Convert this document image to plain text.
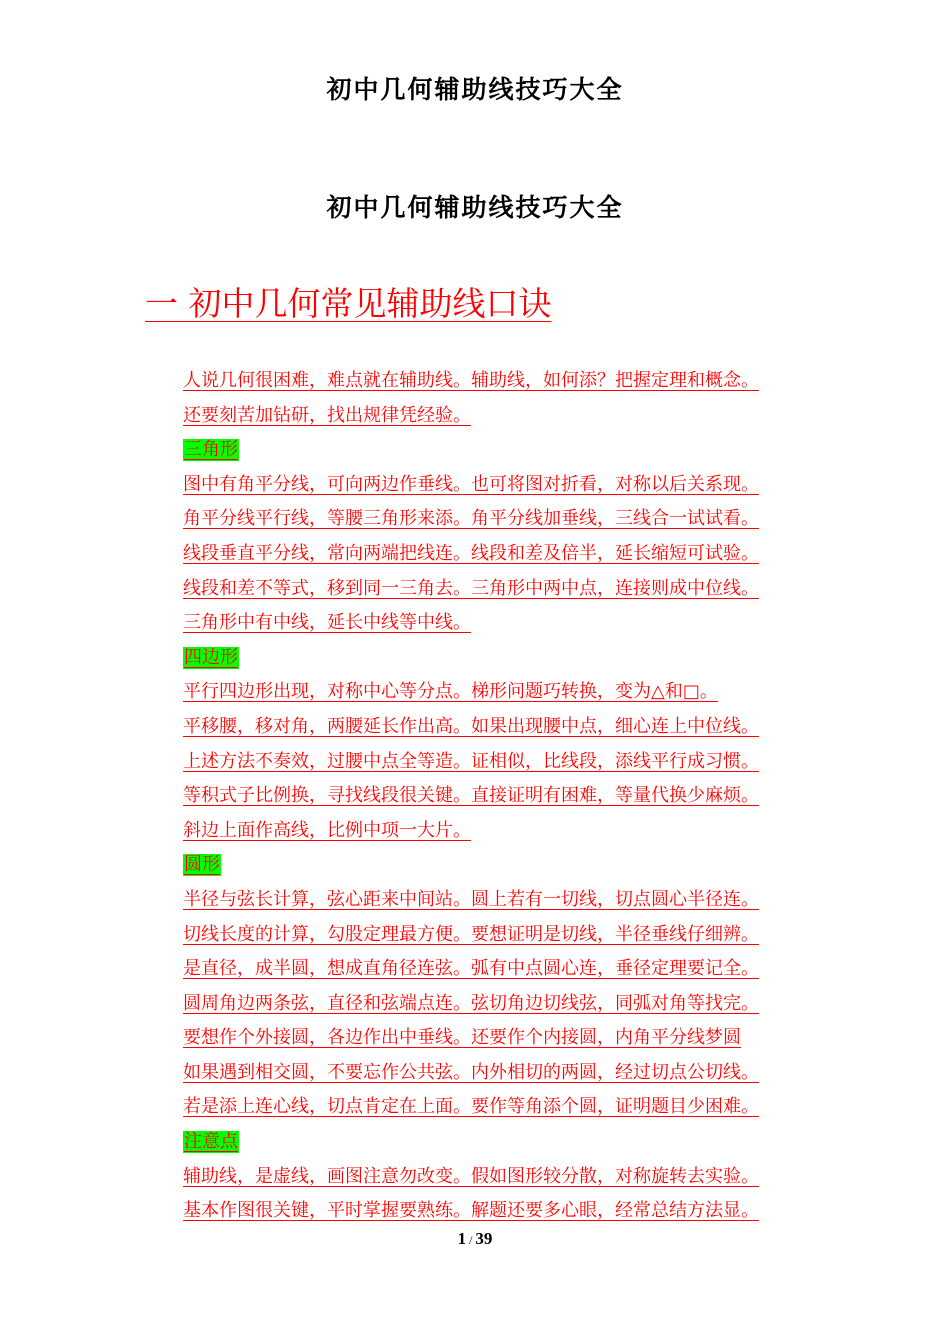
初中几何辅助线技巧大全
初中几何辅助线技巧大全
一 初中几何常见辅助线口诀
人说几何很困难，难点就在辅助线。辅助线，如何添？把握定理和概念。
还要刻苦加钻研，找出规律凭经验。
三角形
图中有角平分线，可向两边作垂线。也可将图对折看，对称以后关系现。
角平分线平行线，等腰三角形来添。角平分线加垂线，三线合一试试看。
线段垂直平分线，常向两端把线连。线段和差及倍半，延长缩短可试验。
线段和差不等式，移到同一三角去。三角形中两中点，连接则成中位线。
三角形中有中线，延长中线等中线。
四边形
平行四边形出现，对称中心等分点。梯形问题巧转换，变为△和□。
平移腰，移对角，两腰延长作出高。如果出现腰中点，细心连上中位线。
上述方法不奏效，过腰中点全等造。证相似，比线段，添线平行成习惯。
等积式子比例换，寻找线段很关键。直接证明有困难，等量代换少麻烦。
斜边上面作高线，比例中项一大片。
圆形
半径与弦长计算，弦心距来中间站。圆上若有一切线，切点圆心半径连。
切线长度的计算，勾股定理最方便。要想证明是切线，半径垂线仔细辨。
是直径，成半圆，想成直角径连弦。弧有中点圆心连，垂径定理要记全。
圆周角边两条弦，直径和弦端点连。弦切角边切线弦，同弧对角等找完。
要想作个外接圆，各边作出中垂线。还要作个内接圆，内角平分线梦圆
如果遇到相交圆，不要忘作公共弦。内外相切的两圆，经过切点公切线。
若是添上连心线，切点肯定在上面。要作等角添个圆，证明题目少困难。
注意点
辅助线，是虚线，画图注意勿改变。假如图形较分散，对称旋转去实验。
基本作图很关键，平时掌握要熟练。解题还要多心眼，经常总结方法显。
1 / 39
